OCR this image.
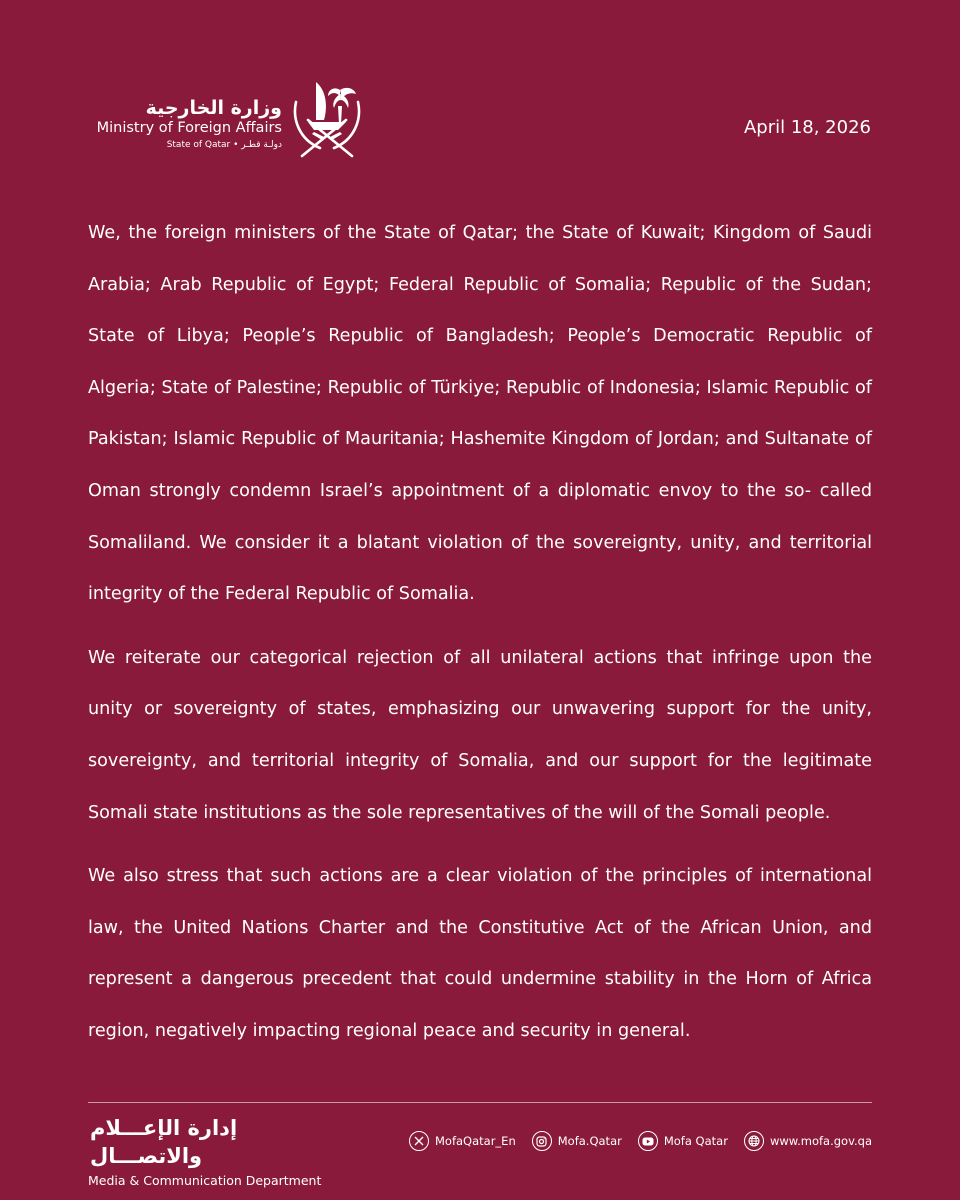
وزارة الخارجية
Ministry of Foreign Affairs
State of Qatar • دولـة قطـر
April 18, 2026

We, the foreign ministers of the State of Qatar; the State of Kuwait; Kingdom of Saudi Arabia; Arab Republic of Egypt; Federal Republic of Somalia; Republic of the Sudan; State of Libya; People’s Republic of Bangladesh; People’s Democratic Republic of Algeria; State of Palestine; Republic of Türkiye; Republic of Indonesia; Islamic Republic of Pakistan; Islamic Republic of Mauritania; Hashemite Kingdom of Jordan; and Sultanate of Oman strongly condemn Israel’s appointment of a diplomatic envoy to the so- called Somaliland. We consider it a blatant violation of the sovereignty, unity, and territorial integrity of the Federal Republic of Somalia.

We reiterate our categorical rejection of all unilateral actions that infringe upon the unity or sovereignty of states, emphasizing our unwavering support for the unity, sovereignty, and territorial integrity of Somalia, and our support for the legitimate Somali state institutions as the sole representatives of the will of the Somali people.

We also stress that such actions are a clear violation of the principles of international law, the United Nations Charter and the Constitutive Act of the African Union, and represent a dangerous precedent that could undermine stability in the Horn of Africa region, negatively impacting regional peace and security in general.

إدارة الإعـــلام والاتصـــال
Media & Communication Department
MofaQatar_En	Mofa.Qatar	Mofa Qatar	www.mofa.gov.qa
